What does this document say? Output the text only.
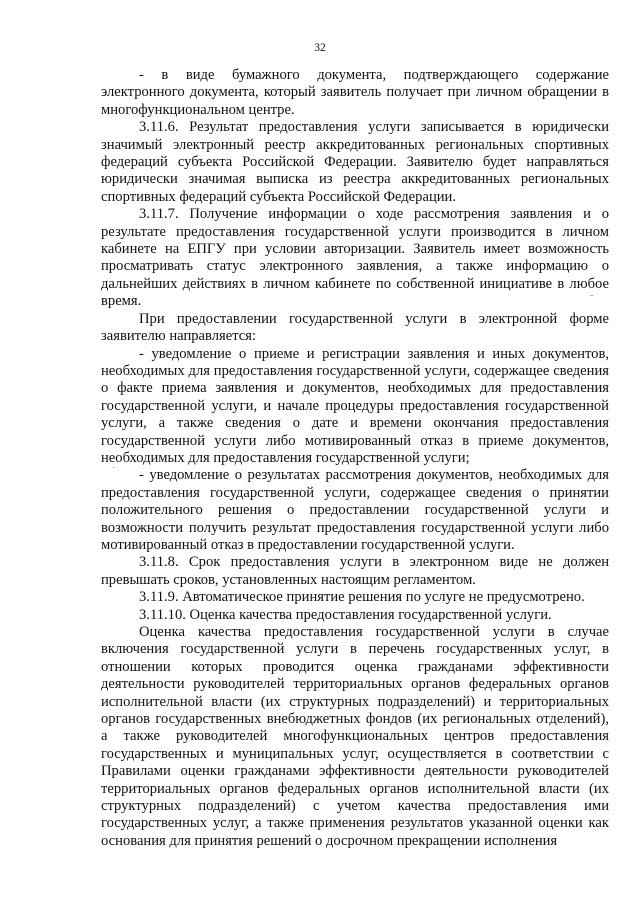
32

- в виде бумажного документа, подтверждающего содержание электронного документа, который заявитель получает при личном обращении в многофункциональном центре.

3.11.6. Результат предоставления услуги записывается в юридически значимый электронный реестр аккредитованных региональных спортивных федераций субъекта Российской Федерации. Заявителю будет направляться юридически значимая выписка из реестра аккредитованных региональных спортивных федераций субъекта Российской Федерации.

3.11.7. Получение информации о ходе рассмотрения заявления и о результате предоставления государственной услуги производится в личном кабинете на ЕПГУ при условии авторизации. Заявитель имеет возможность просматривать статус электронного заявления, а также информацию о дальнейших действиях в личном кабинете по собственной инициативе в любое время.

При предоставлении государственной услуги в электронной форме заявителю направляется:

- уведомление о приеме и регистрации заявления и иных документов, необходимых для предоставления государственной услуги, содержащее сведения о факте приема заявления и документов, необходимых для предоставления государственной услуги, и начале процедуры предоставления государственной услуги, а также сведения о дате и времени окончания предоставления государственной услуги либо мотивированный отказ в приеме документов, необходимых для предоставления государственной услуги;

- уведомление о результатах рассмотрения документов, необходимых для предоставления государственной услуги, содержащее сведения о принятии положительного решения о предоставлении государственной услуги и возможности получить результат предоставления государственной услуги либо мотивированный отказ в предоставлении государственной услуги.

3.11.8. Срок предоставления услуги в электронном виде не должен превышать сроков, установленных настоящим регламентом.

3.11.9. Автоматическое принятие решения по услуге не предусмотрено.

3.11.10. Оценка качества предоставления государственной услуги.

Оценка качества предоставления государственной услуги в случае включения государственной услуги в перечень государственных услуг, в отношении которых проводится оценка гражданами эффективности деятельности руководителей территориальных органов федеральных органов исполнительной власти (их структурных подразделений) и территориальных органов государственных внебюджетных фондов (их региональных отделений), а также руководителей многофункциональных центров предоставления государственных и муниципальных услуг, осуществляется в соответствии с Правилами оценки гражданами эффективности деятельности руководителей территориальных органов федеральных органов исполнительной власти (их структурных подразделений) с учетом качества предоставления ими государственных услуг, а также применения результатов указанной оценки как основания для принятия решений о досрочном прекращении исполнения

-
·
